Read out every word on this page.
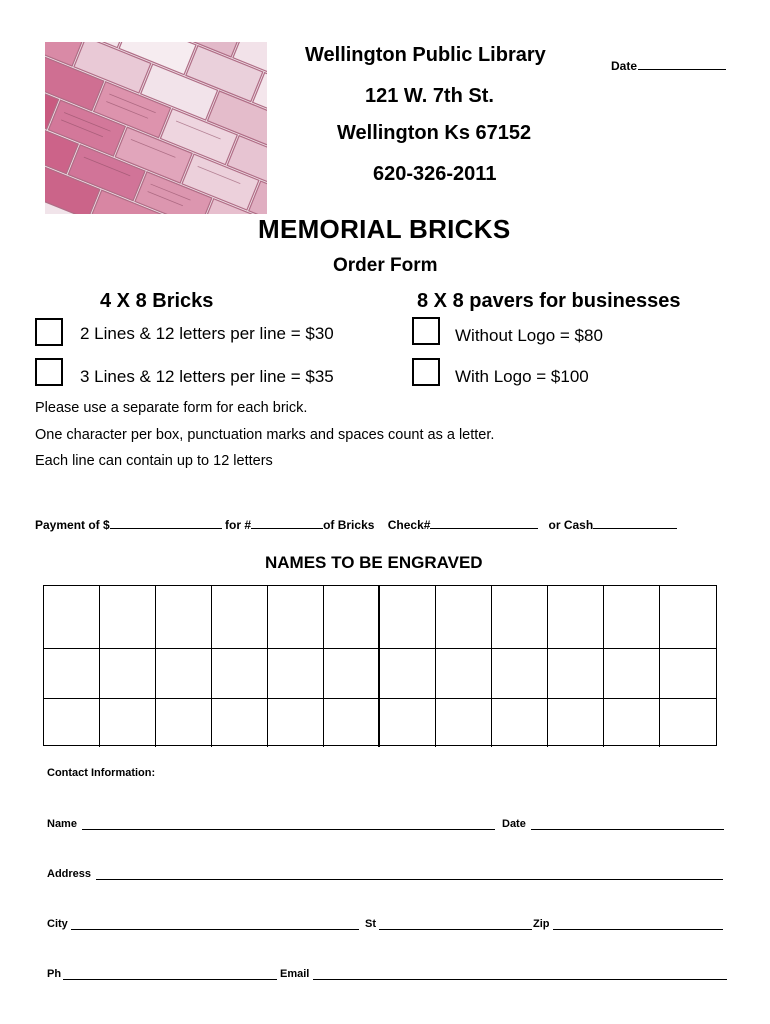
Wellington Public Library
121 W. 7th St.
Wellington Ks 67152
620-326-2011
Date
MEMORIAL BRICKS
Order Form
4 X 8 Bricks	8 X 8 pavers for businesses
2 Lines & 12 letters per line = $30
3 Lines & 12 letters per line = $35
Without Logo = $80
With Logo = $100
Please use a separate form for each brick.
One character per box, punctuation marks and spaces count as a letter.
Each line can contain up to 12 letters
Payment of $	for #	of Bricks Check#	or Cash
NAMES TO BE ENGRAVED
Contact Information:
Name	Date
Address
City	St	Zip
Ph	Email
